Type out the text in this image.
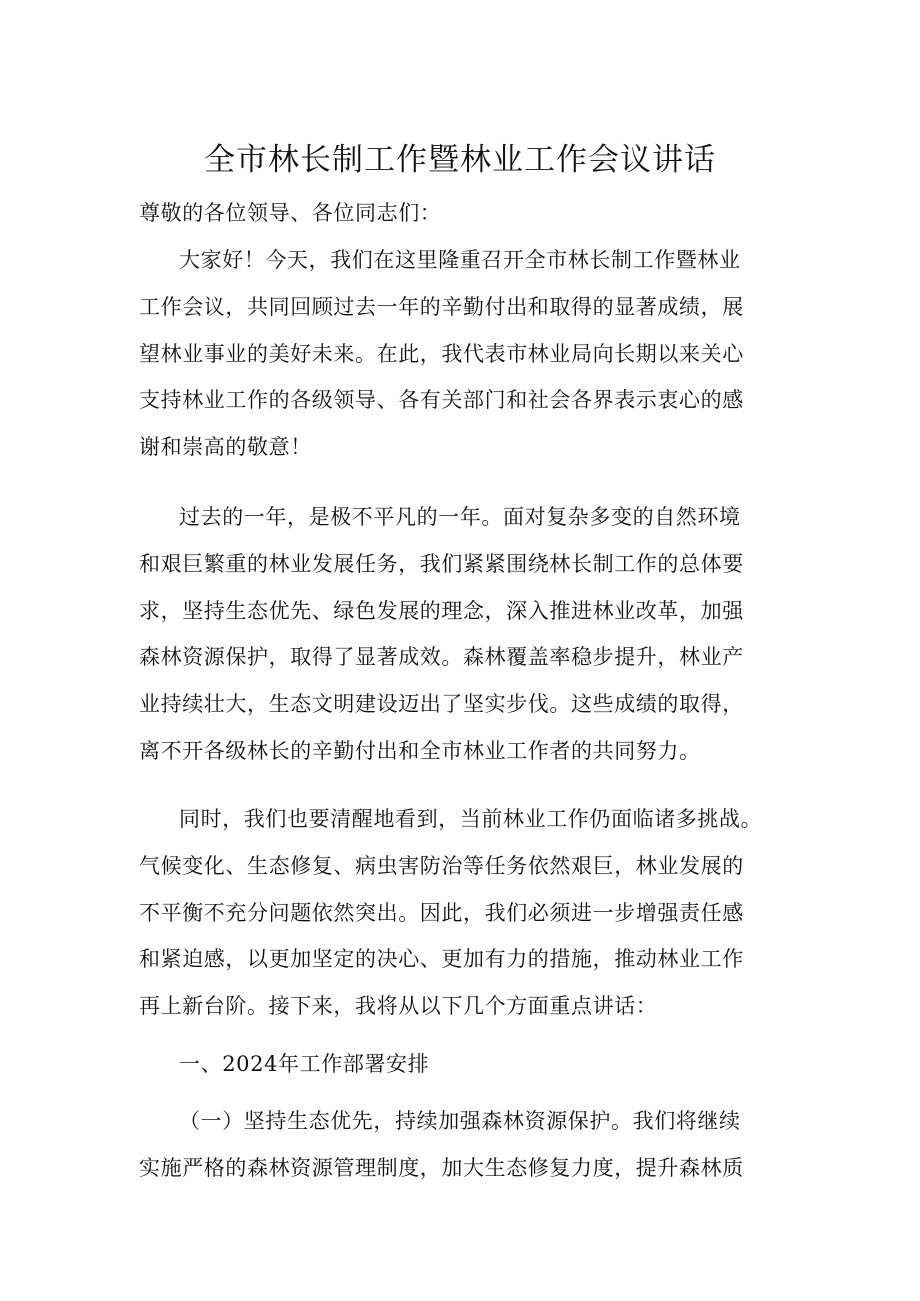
全市林长制工作暨林业工作会议讲话

尊敬的各位领导、各位同志们：

大家好！今天，我们在这里隆重召开全市林长制工作暨林业
工作会议，共同回顾过去一年的辛勤付出和取得的显著成绩，展
望林业事业的美好未来。在此，我代表市林业局向长期以来关心
支持林业工作的各级领导、各有关部门和社会各界表示衷心的感
谢和崇高的敬意！
过去的一年，是极不平凡的一年。面对复杂多变的自然环境
和艰巨繁重的林业发展任务，我们紧紧围绕林长制工作的总体要
求，坚持生态优先、绿色发展的理念，深入推进林业改革，加强
森林资源保护，取得了显著成效。森林覆盖率稳步提升，林业产
业持续壮大，生态文明建设迈出了坚实步伐。这些成绩的取得，
离不开各级林长的辛勤付出和全市林业工作者的共同努力。
同时，我们也要清醒地看到，当前林业工作仍面临诸多挑战。
气候变化、生态修复、病虫害防治等任务依然艰巨，林业发展的
不平衡不充分问题依然突出。因此，我们必须进一步增强责任感
和紧迫感，以更加坚定的决心、更加有力的措施，推动林业工作
再上新台阶。接下来，我将从以下几个方面重点讲话：

一、2024年工作部署安排

（一）坚持生态优先，持续加强森林资源保护。我们将继续
实施严格的森林资源管理制度，加大生态修复力度，提升森林质
